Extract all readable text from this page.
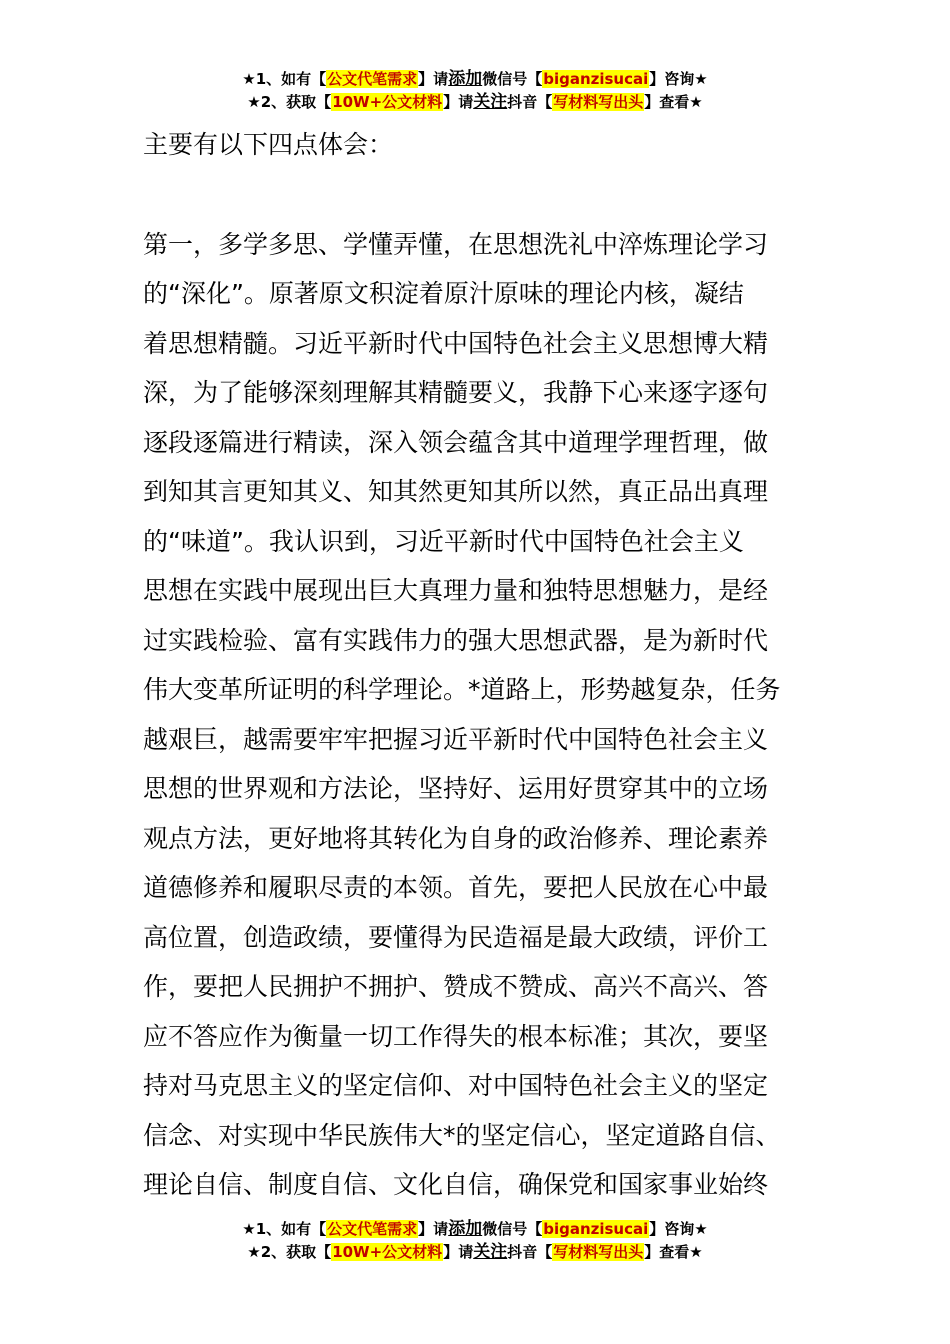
★1、如有【公文代笔需求】请添加微信号【biganzisucai】咨询★
★2、获取【10W+公文材料】请关注抖音【写材料写出头】查看★

主要有以下四点体会：

第一，多学多思、学懂弄懂，在思想洗礼中淬炼理论学习
的“深化”。原著原文积淀着原汁原味的理论内核，凝结
着思想精髓。习近平新时代中国特色社会主义思想博大精
深，为了能够深刻理解其精髓要义，我静下心来逐字逐句
逐段逐篇进行精读，深入领会蕴含其中道理学理哲理，做
到知其言更知其义、知其然更知其所以然，真正品出真理
的“味道”。我认识到，习近平新时代中国特色社会主义
思想在实践中展现出巨大真理力量和独特思想魅力，是经
过实践检验、富有实践伟力的强大思想武器，是为新时代
伟大变革所证明的科学理论。*道路上，形势越复杂，任务
越艰巨，越需要牢牢把握习近平新时代中国特色社会主义
思想的世界观和方法论，坚持好、运用好贯穿其中的立场
观点方法，更好地将其转化为自身的政治修养、理论素养
道德修养和履职尽责的本领。首先，要把人民放在心中最
高位置，创造政绩，要懂得为民造福是最大政绩，评价工
作，要把人民拥护不拥护、赞成不赞成、高兴不高兴、答
应不答应作为衡量一切工作得失的根本标准；其次，要坚
持对马克思主义的坚定信仰、对中国特色社会主义的坚定
信念、对实现中华民族伟大*的坚定信心，坚定道路自信、
理论自信、制度自信、文化自信，确保党和国家事业始终

★1、如有【公文代笔需求】请添加微信号【biganzisucai】咨询★
★2、获取【10W+公文材料】请关注抖音【写材料写出头】查看★
